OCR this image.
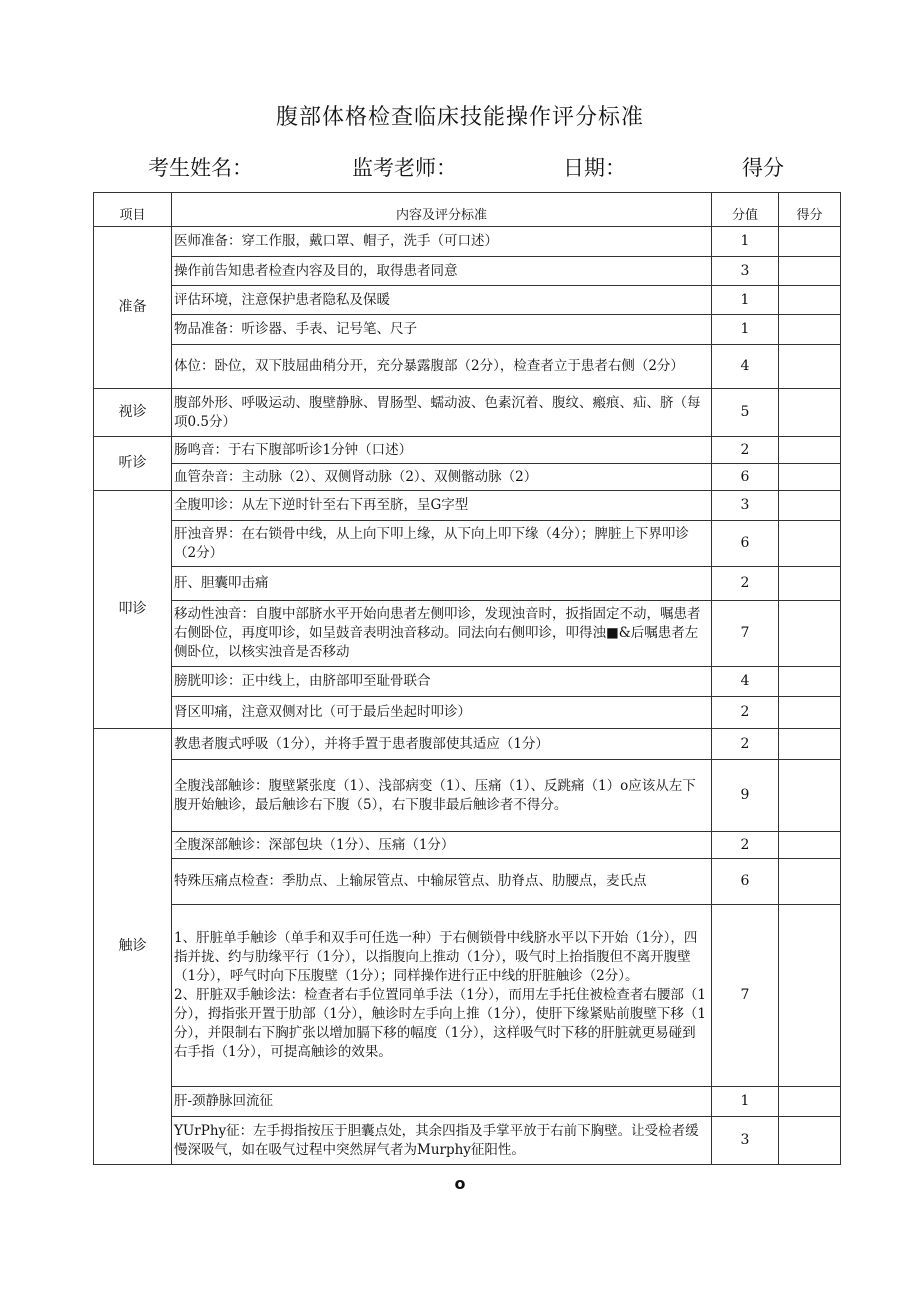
腹部体格检查临床技能操作评分标准
考生姓名：	监考老师：	日期：	得分
项目	内容及评分标准	分值	得分
准备	医师准备：穿工作服，戴口罩、帽子，洗手（可口述）	1	
	操作前告知患者检查内容及目的，取得患者同意	3	
	评估环境，注意保护患者隐私及保暖	1	
	物品准备：听诊器、手表、记号笔、尺子	1	
	体位：卧位，双下肢屈曲稍分开，充分暴露腹部（2分），检查者立于患者右侧（2分）	4	
视诊	腹部外形、呼吸运动、腹壁静脉、胃肠型、蠕动波、色素沉着、腹纹、瘢痕、疝、脐（每项0.5分）	5	
听诊	肠鸣音：于右下腹部听诊1分钟（口述）	2	
	血管杂音：主动脉（2）、双侧肾动脉（2）、双侧髂动脉（2）	6	
叩诊	全腹叩诊：从左下逆时针至右下再至脐，呈G字型	3	
	肝浊音界：在右锁骨中线，从上向下叩上缘，从下向上叩下缘（4分）；脾脏上下界叩诊（2分）	6	
	肝、胆囊叩击痛	2	
	移动性浊音：自腹中部脐水平开始向患者左侧叩诊，发现浊音时，扳指固定不动，嘱患者右侧卧位，再度叩诊，如呈鼓音表明浊音移动。同法向右侧叩诊，叩得浊■&后嘱患者左侧卧位，以核实浊音是否移动	7	
	膀胱叩诊：正中线上，由脐部叩至耻骨联合	4	
	肾区叩痛，注意双侧对比（可于最后坐起时叩诊）	2	
触诊	教患者腹式呼吸（1分），并将手置于患者腹部使其适应（1分）	2	
	全腹浅部触诊：腹壁紧张度（1）、浅部病变（1）、压痛（1）、反跳痛（1）o应该从左下腹开始触诊，最后触诊右下腹（5），右下腹非最后触诊者不得分。	9	
	全腹深部触诊：深部包块（1分）、压痛（1分）	2	
	特殊压痛点检查：季肋点、上输尿管点、中输尿管点、肋脊点、肋腰点，麦氏点	6	
	1、肝脏单手触诊（单手和双手可任选一种）于右侧锁骨中线脐水平以下开始（1分），四指并拢、约与肋缘平行（1分），以指腹向上推动（1分），吸气时上抬指腹但不离开腹壁（1分），呼气时向下压腹壁（1分）；同样操作进行正中线的肝脏触诊（2分）。
2、肝脏双手触诊法：检查者右手位置同单手法（1分），而用左手托住被检查者右腰部（1分），拇指张开置于肋部（1分），触诊时左手向上推（1分），使肝下缘紧贴前腹壁下移（1分），并限制右下胸扩张以增加膈下移的幅度（1分），这样吸气时下移的肝脏就更易碰到右手指（1分），可提高触诊的效果。	7	
	肝-颈静脉回流征	1	
	YUrPhy征：左手拇指按压于胆囊点处，其余四指及手掌平放于右前下胸壁。让受检者缓慢深吸气，如在吸气过程中突然屏气者为Murphy征阳性。	3	
o
